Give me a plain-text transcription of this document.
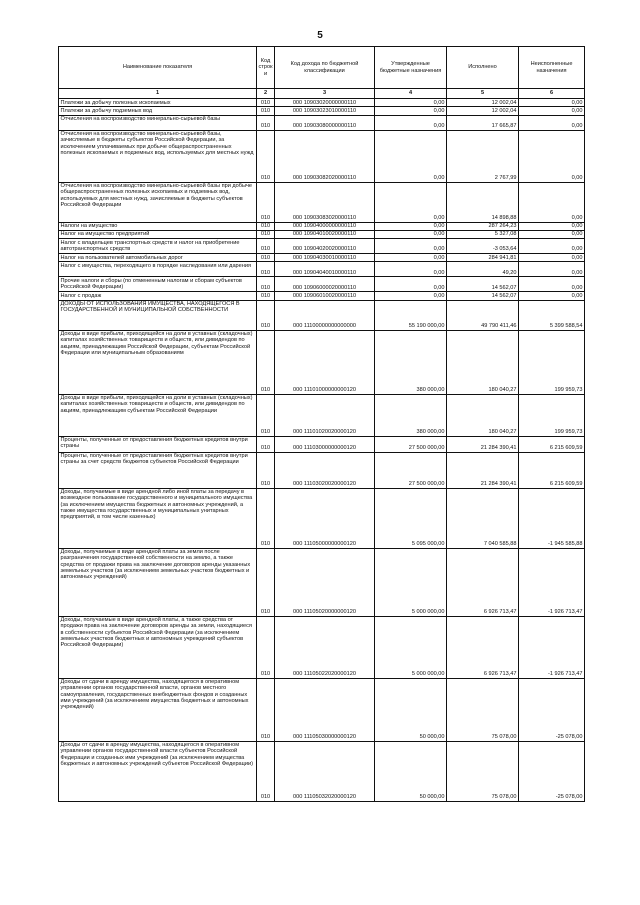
5
Наименование показателя	Код строк и	Код дохода по бюджетной классификации	Утвержденные бюджетные назначения	Исполнено	Неисполненные назначения
1	2	3	4	5	6
Платежи за добычу полезных ископаемых	010	000 10903020000000110	0,00	12 002,04	0,00
Платежи за добычу подземных вод	010	000 10903023010000110	0,00	12 002,04	0,00
Отчисления на воспроизводство минерально-сырьевой базы	010	000 10903080000000110	0,00	17 665,87	0,00
Отчисления на воспроизводство минерально-сырьевой базы, зачисляемые в бюджеты субъектов Российской Федерации, за исключением уплачиваемых при добыче общераспространенных полезных ископаемых и подземных вод, используемых для местных нужд	010	000 10903082020000110	0,00	2 767,99	0,00
Отчисления на воспроизводство минерально-сырьевой базы при добыче общераспространенных полезных ископаемых и подземных вод, используемых для местных нужд, зачисляемые в бюджеты субъектов Российской Федерации	010	000 10903083020000110	0,00	14 898,88	0,00
Налоги на имущество	010	000 10904000000000110	0,00	287 264,23	0,00
Налог на имущество предприятий	010	000 10904010020000110	0,00	5 327,08	0,00
Налог с владельцев транспортных средств и налог на приобретение автотранспортных средств	010	000 10904020020000110	0,00	-3 053,64	0,00
Налог на пользователей автомобильных дорог	010	000 10904030010000110	0,00	284 941,81	0,00
Налог с имущества, переходящего в порядке наследования или дарения	010	000 10904040010000110	0,00	49,20	0,00
Прочие налоги и сборы (по отмененным налогам и сборам субъектов Российской Федерации)	010	000 10906000020000110	0,00	14 562,07	0,00
Налог с продаж	010	000 10906010020000110	0,00	14 562,07	0,00
ДОХОДЫ ОТ ИСПОЛЬЗОВАНИЯ ИМУЩЕСТВА, НАХОДЯЩЕГОСЯ В ГОСУДАРСТВЕННОЙ И МУНИЦИПАЛЬНОЙ СОБСТВЕННОСТИ	010	000 11100000000000000	55 190 000,00	49 790 411,46	5 399 588,54
Доходы в виде прибыли, приходящейся на доли в уставных (складочных) капиталах хозяйственных товариществ и обществ, или дивидендов по акциям, принадлежащим Российской Федерации, субъектам Российской Федерации или муниципальным образованиям	010	000 11101000000000120	380 000,00	180 040,27	199 959,73
Доходы в виде прибыли, приходящейся на доли в уставных (складочных) капиталах хозяйственных товариществ и обществ, или дивидендов по акциям, принадлежащим субъектам Российской Федерации	010	000 11101020020000120	380 000,00	180 040,27	199 959,73
Проценты, полученные от предоставления бюджетных кредитов внутри страны	010	000 11103000000000120	27 500 000,00	21 284 390,41	6 215 609,59
Проценты, полученные от предоставления бюджетных кредитов внутри страны за счет средств бюджетов субъектов Российской Федерации	010	000 11103020020000120	27 500 000,00	21 284 390,41	6 215 609,59
Доходы, получаемые в виде арендной либо иной платы за передачу в возмездное пользование государственного и муниципального имущества (за исключением имущества бюджетных и автономных учреждений, а также имущества государственных и муниципальных унитарных предприятий, в том числе казенных)	010	000 11105000000000120	5 095 000,00	7 040 585,88	-1 945 585,88
Доходы, получаемые в виде арендной платы за земли после разграничения государственной собственности на землю, а также средства от продажи права на заключение договоров аренды указанных земельных участков (за исключением земельных участков бюджетных и автономных учреждений)	010	000 11105020000000120	5 000 000,00	6 926 713,47	-1 926 713,47
Доходы, получаемые в виде арендной платы, а также средства от продажи права на заключение договоров аренды за земли, находящиеся в собственности субъектов Российской Федерации (за исключением земельных участков бюджетных и автономных учреждений субъектов Российской Федерации)	010	000 11105022020000120	5 000 000,00	6 926 713,47	-1 926 713,47
Доходы от сдачи в аренду имущества, находящегося в оперативном управлении органов государственной власти, органов местного самоуправления, государственных внебюджетных фондов и созданных ими учреждений (за исключением имущества бюджетных и автономных учреждений)	010	000 11105030000000120	50 000,00	75 078,00	-25 078,00
Доходы от сдачи в аренду имущества, находящегося в оперативном управлении органов государственной власти субъектов Российской Федерации и созданных ими учреждений (за исключением имущества бюджетных и автономных учреждений субъектов Российской Федерации)	010	000 11105032020000120	50 000,00	75 078,00	-25 078,00
